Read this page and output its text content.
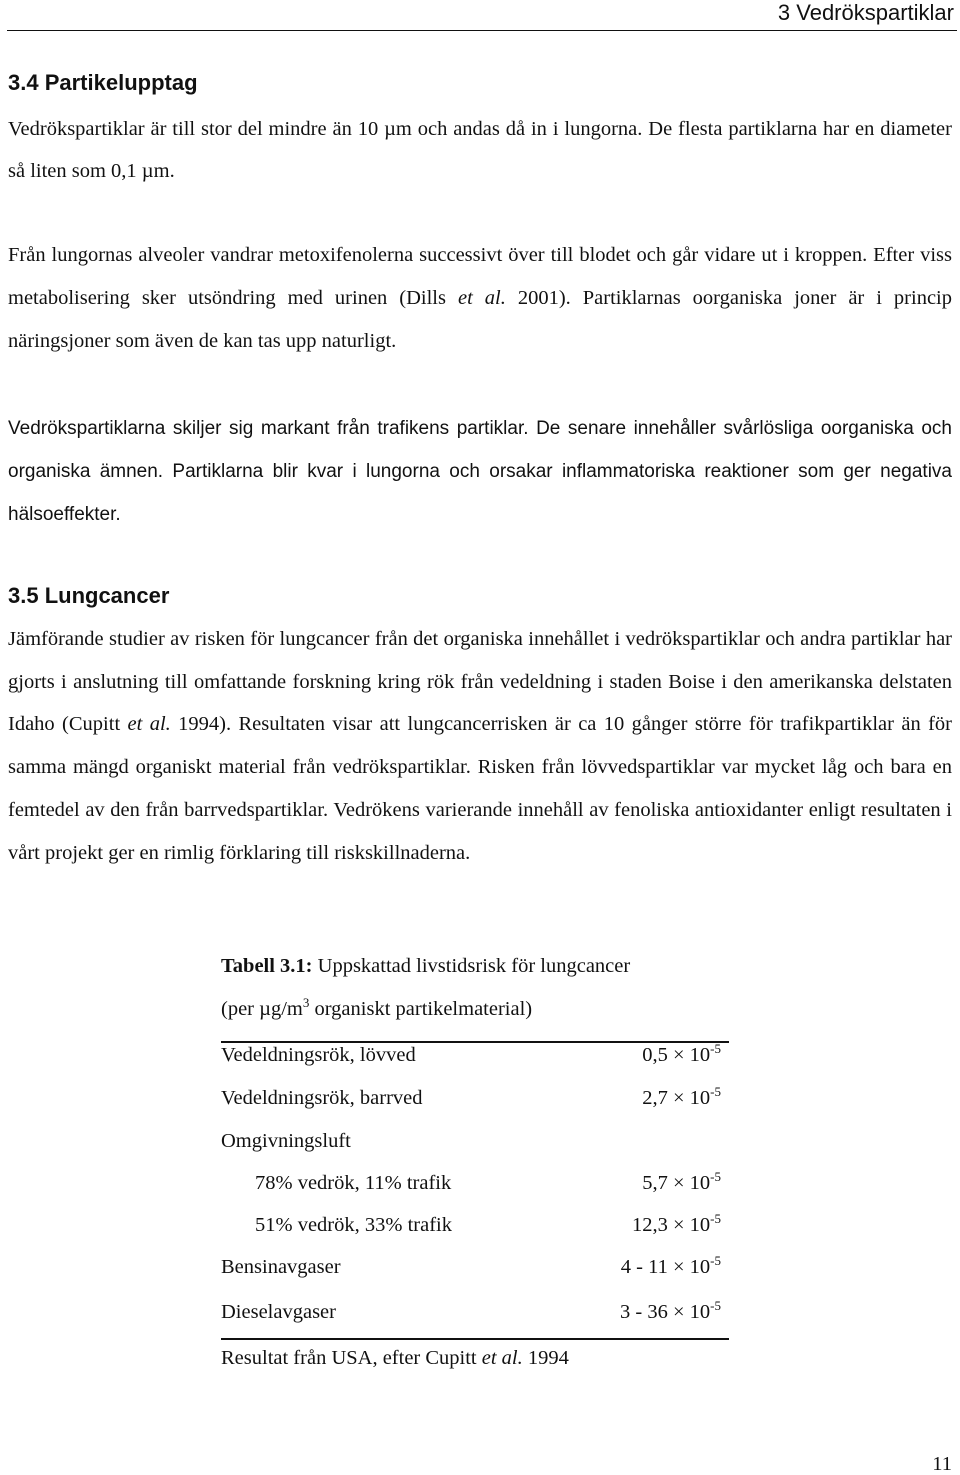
3 Vedrökspartiklar
3.4 Partikelupptag

Vedrökspartiklar är till stor del mindre än 10 µm och andas då in i lungorna. De flesta partiklarna har en diameter så liten som 0,1 µm.

Från lungornas alveoler vandrar metoxifenolerna successivt över till blodet och går vidare ut i kroppen. Efter viss metabolisering sker utsöndring med urinen (Dills et al. 2001). Partiklarnas oorganiska joner är i princip näringsjoner som även de kan tas upp naturligt.

Vedrökspartiklarna skiljer sig markant från trafikens partiklar. De senare innehåller svårlösliga oorganiska och organiska ämnen. Partiklarna blir kvar i lungorna och orsakar inflammatoriska reaktioner som ger negativa hälsoeffekter.

3.5 Lungcancer

Jämförande studier av risken för lungcancer från det organiska innehållet i vedrökspartiklar och andra partiklar har gjorts i anslutning till omfattande forskning kring rök från vedeldning i staden Boise i den amerikanska delstaten Idaho (Cupitt et al. 1994). Resultaten visar att lungcancerrisken är ca 10 gånger större för trafikpartiklar än för samma mängd organiskt material från vedrökspartiklar. Risken från lövvedspartiklar var mycket låg och bara en femtedel av den från barrvedspartiklar. Vedrökens varierande innehåll av fenoliska antioxidanter enligt resultaten i vårt projekt ger en rimlig förklaring till riskskillnaderna.

Tabell 3.1: Uppskattad livstidsrisk för lungcancer
(per $\mu g/m^3$ organiskt partikelmaterial)
Vedeldningsrök, lövved	$0,5 \times 10^{-5}$
Vedeldningsrök, barrved	$2,7 \times 10^{-5}$
Omgivningsluft
78% vedrök, 11% trafik	$5,7 \times 10^{-5}$
51% vedrök, 33% trafik	$12,3 \times 10^{-5}$
Bensinavgaser	$4 - 11 \times 10^{-5}$
Dieselavgaser	$3 - 36 \times 10^{-5}$
Resultat från USA, efter Cupitt et al. 1994
11
